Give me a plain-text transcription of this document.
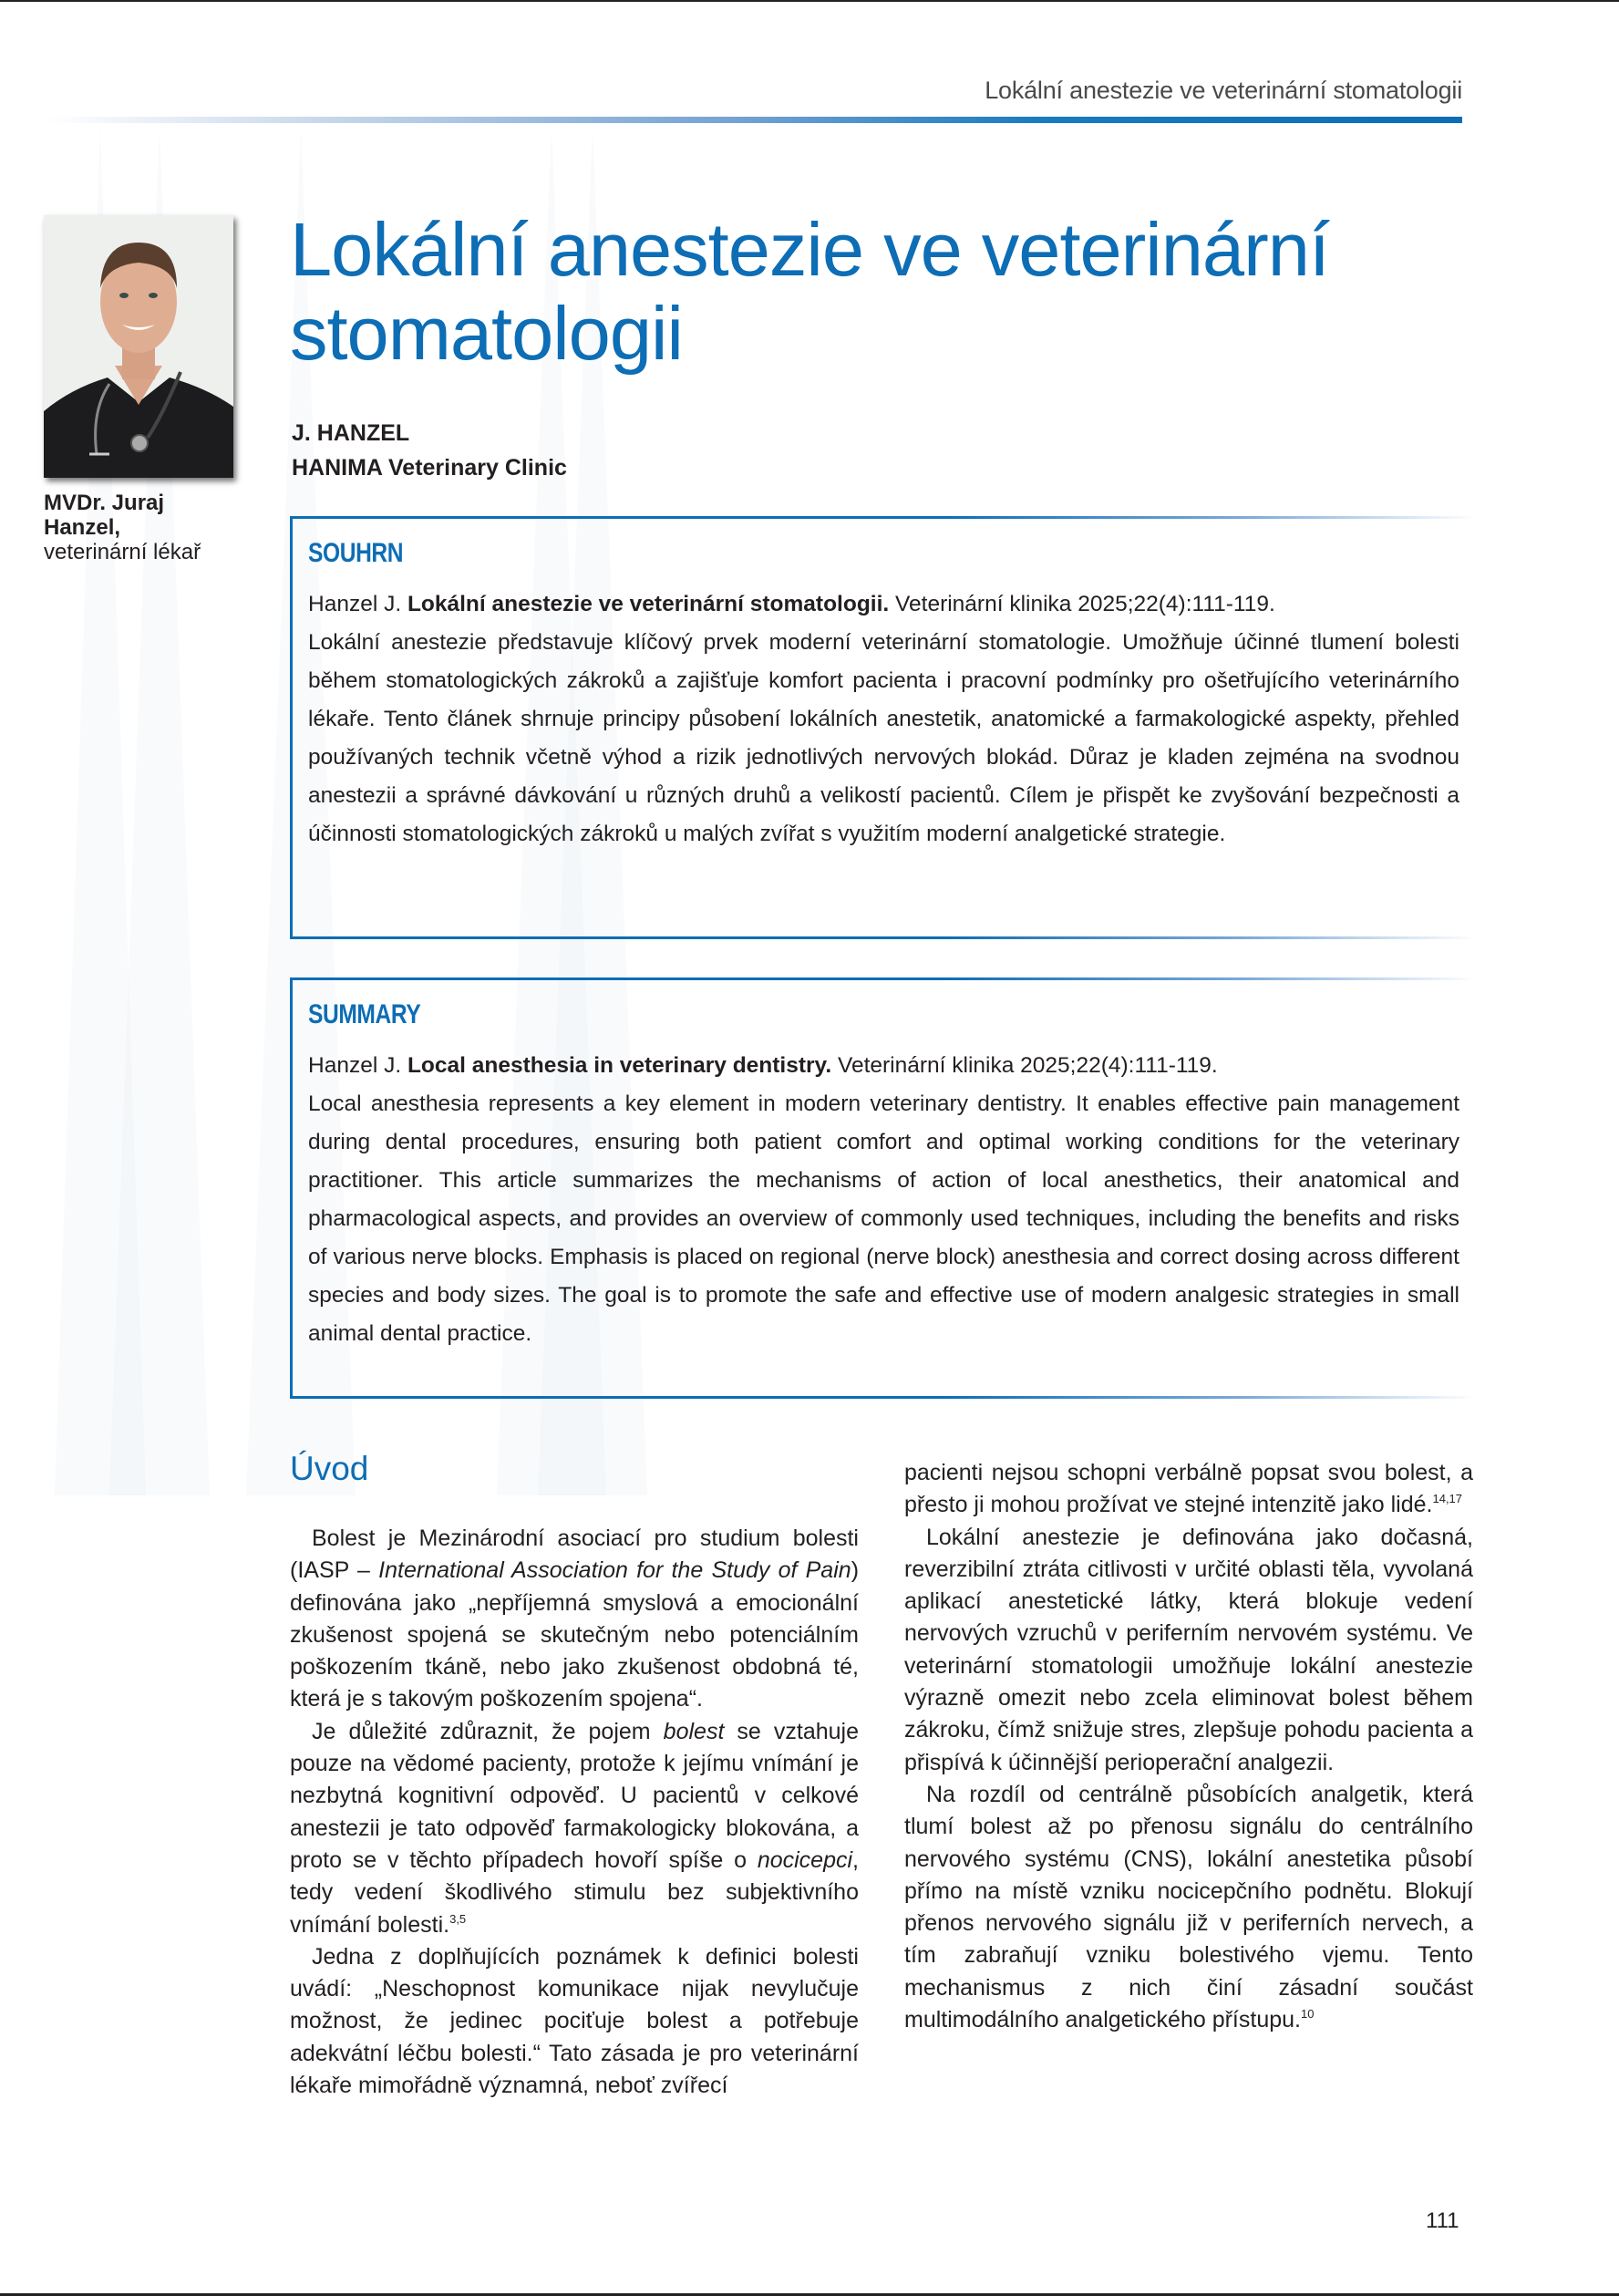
Lokální anestezie ve veterinární stomatologii
MVDr. Juraj Hanzel,
veterinární lékař
Lokální anestezie ve veterinární stomatologii
J. HANZEL
HANIMA Veterinary Clinic
SOUHRN
Hanzel J. Lokální anestezie ve veterinární stomatologii. Veterinární klinika 2025;22(4):111-119.
Lokální anestezie představuje klíčový prvek moderní veterinární stomatologie. Umožňuje účinné tlumení bolesti během stomatologických zákroků a zajišťuje komfort pacienta i pracovní podmínky pro ošetřujícího veterinárního lékaře. Tento článek shrnuje principy působení lokálních anestetik, anatomické a farmakologické aspekty, přehled používaných technik včetně výhod a rizik jednotlivých nervových blokád. Důraz je kladen zejména na svodnou anestezii a správné dávkování u různých druhů a velikostí pacientů. Cílem je přispět ke zvyšování bezpečnosti a účinnosti stomatologických zákroků u malých zvířat s využitím moderní analgetické strategie.
SUMMARY
Hanzel J. Local anesthesia in veterinary dentistry. Veterinární klinika 2025;22(4):111-119.
Local anesthesia represents a key element in modern veterinary dentistry. It enables effective pain management during dental procedures, ensuring both patient comfort and optimal working conditions for the veterinary practitioner. This article summarizes the mechanisms of action of local anesthetics, their anatomical and pharmacological aspects, and provides an overview of commonly used techniques, including the benefits and risks of various nerve blocks. Emphasis is placed on regional (nerve block) anesthesia and correct dosing across different species and body sizes. The goal is to promote the safe and effective use of modern analgesic strategies in small animal dental practice.
Úvod

Bolest je Mezinárodní asociací pro studium bolesti (IASP – International Association for the Study of Pain) definována jako „nepříjemná smyslová a emocionální zkušenost spojená se skutečným nebo potenciálním poškozením tkáně, nebo jako zkušenost obdobná té, která je s takovým poškozením spojena“.

Je důležité zdůraznit, že pojem bolest se vztahuje pouze na vědomé pacienty, protože k jejímu vnímání je nezbytná kognitivní odpověď. U pacientů v celkové anestezii je tato odpověď farmakologicky blokována, a proto se v těchto případech hovoří spíše o nocicepci, tedy vedení škodlivého stimulu bez subjektivního vnímání bolesti.$^{3,5}$

Jedna z doplňujících poznámek k definici bolesti uvádí: „Neschopnost komunikace nijak nevylučuje možnost, že jedinec pociťuje bolest a potřebuje adekvátní léčbu bolesti.“ Tato zásada je pro veterinární lékaře mimořádně významná, neboť zvířecí

pacienti nejsou schopni verbálně popsat svou bolest, a přesto ji mohou prožívat ve stejné intenzitě jako lidé.$^{14,17}$

Lokální anestezie je definována jako dočasná, reverzibilní ztráta citlivosti v určité oblasti těla, vyvolaná aplikací anestetické látky, která blokuje vedení nervových vzruchů v periferním nervovém systému. Ve veterinární stomatologii umožňuje lokální anestezie výrazně omezit nebo zcela eliminovat bolest během zákroku, čímž snižuje stres, zlepšuje pohodu pacienta a přispívá k účinnější perioperační analgezii.

Na rozdíl od centrálně působících analgetik, která tlumí bolest až po přenosu signálu do centrálního nervového systému (CNS), lokální anestetika působí přímo na místě vzniku nocicepčního podnětu. Blokují přenos nervového signálu již v periferních nervech, a tím zabraňují vzniku bolestivého vjemu. Tento mechanismus z nich činí zásadní součást multimodálního analgetického přístupu.$^{10}$

111
